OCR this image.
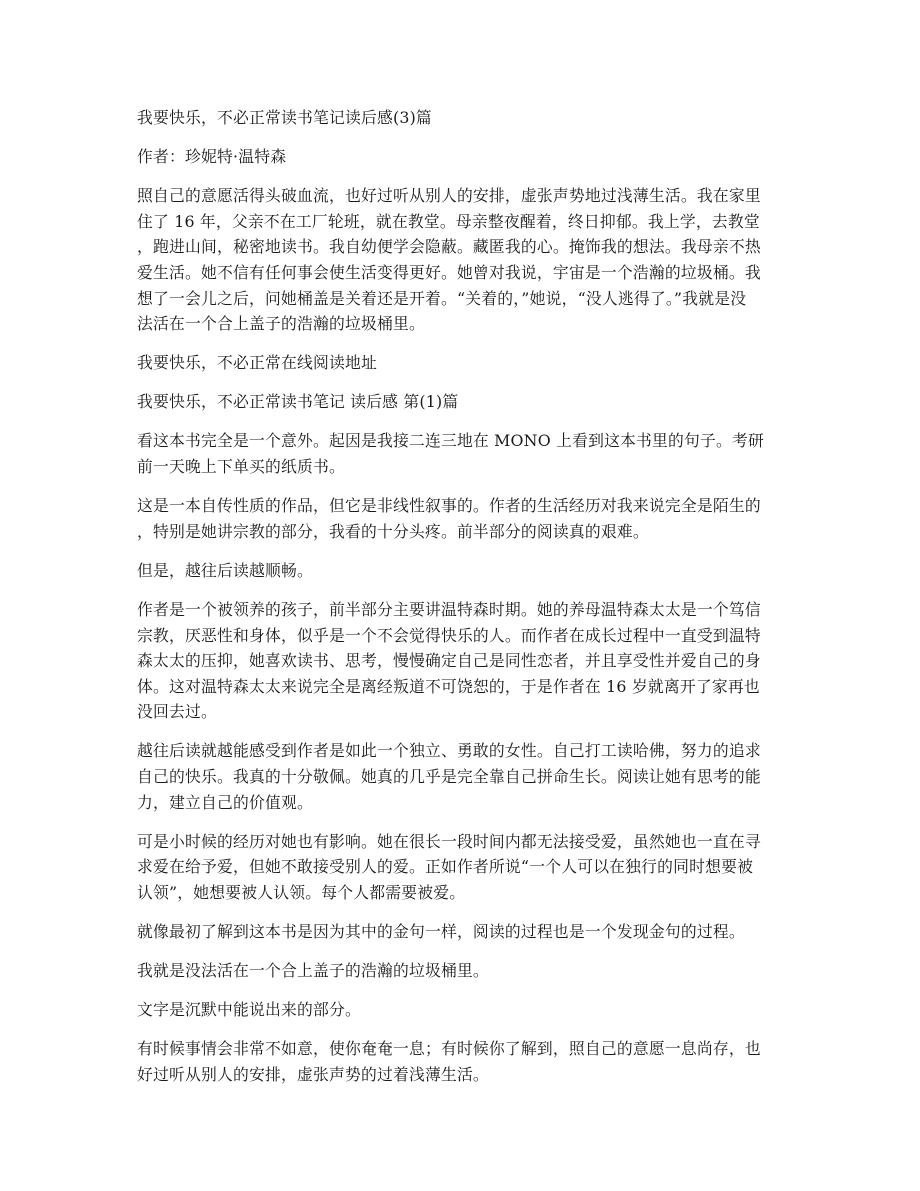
我要快乐，不必正常读书笔记读后感(3)篇
作者：珍妮特·温特森
照自己的意愿活得头破血流，也好过听从别人的安排，虚张声势地过浅薄生活。我在家里
住了 16 年，父亲不在工厂轮班，就在教堂。母亲整夜醒着，终日抑郁。我上学，去教堂
，跑进山间，秘密地读书。我自幼便学会隐蔽。藏匿我的心。掩饰我的想法。我母亲不热
爱生活。她不信有任何事会使生活变得更好。她曾对我说，宇宙是一个浩瀚的垃圾桶。我
想了一会儿之后，问她桶盖是关着还是开着。“关着的，”她说，“没人逃得了。”我就是没
法活在一个合上盖子的浩瀚的垃圾桶里。
我要快乐，不必正常在线阅读地址
我要快乐，不必正常读书笔记 读后感 第(1)篇
看这本书完全是一个意外。起因是我接二连三地在 MONO 上看到这本书里的句子。考研
前一天晚上下单买的纸质书。
这是一本自传性质的作品，但它是非线性叙事的。作者的生活经历对我来说完全是陌生的
，特别是她讲宗教的部分，我看的十分头疼。前半部分的阅读真的艰难。
但是，越往后读越顺畅。
作者是一个被领养的孩子，前半部分主要讲温特森时期。她的养母温特森太太是一个笃信
宗教，厌恶性和身体，似乎是一个不会觉得快乐的人。而作者在成长过程中一直受到温特
森太太的压抑，她喜欢读书、思考，慢慢确定自己是同性恋者，并且享受性并爱自己的身
体。这对温特森太太来说完全是离经叛道不可饶恕的，于是作者在 16 岁就离开了家再也
没回去过。
越往后读就越能感受到作者是如此一个独立、勇敢的女性。自己打工读哈佛，努力的追求
自己的快乐。我真的十分敬佩。她真的几乎是完全靠自己拼命生长。阅读让她有思考的能
力，建立自己的价值观。
可是小时候的经历对她也有影响。她在很长一段时间内都无法接受爱，虽然她也一直在寻
求爱在给予爱，但她不敢接受别人的爱。正如作者所说“一个人可以在独行的同时想要被
认领”，她想要被人认领。每个人都需要被爱。
就像最初了解到这本书是因为其中的金句一样，阅读的过程也是一个发现金句的过程。
我就是没法活在一个合上盖子的浩瀚的垃圾桶里。
文字是沉默中能说出来的部分。
有时候事情会非常不如意，使你奄奄一息；有时候你了解到，照自己的意愿一息尚存，也
好过听从别人的安排，虚张声势的过着浅薄生活。
